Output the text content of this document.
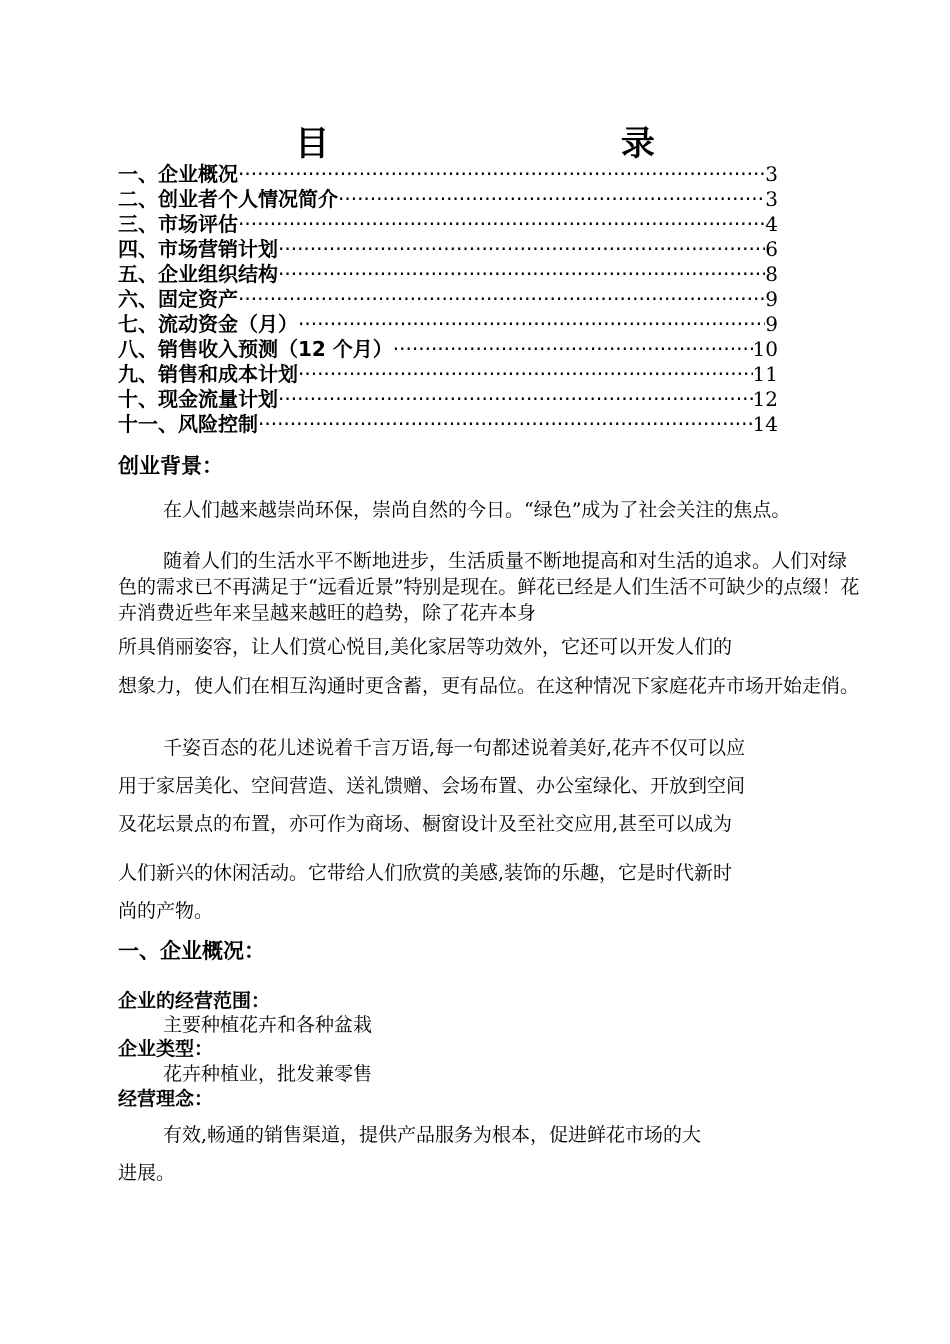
目 录
一、企业概况 ·····	3
二、创业者个人情况简介 ·····	3
三、市场评估 ·····	4
四、市场营销计划 ·····	6
五、企业组织结构 ·····	8
六、固定资产 ·····	9
七、流动资金（月） ·····	9
八、销售收入预测（12 个月） ·····	10
九、销售和成本计划 ·····	11
十、现金流量计划 ·····	12
十一、风险控制 ·····	14
创业背景：
在人们越来越崇尚环保，崇尚自然的今日。“绿色”成为了社会关注的焦点。
随着人们的生活水平不断地进步，生活质量不断地提高和对生活的追求。人们对绿色的需求已不再满足于“远看近景”特别是现在。鲜花已经是人们生活不可缺少的点缀！花卉消费近些年来呈越来越旺的趋势，除了花卉本身
所具俏丽姿容，让人们赏心悦目,美化家居等功效外，它还可以开发人们的
想象力，使人们在相互沟通时更含蓄，更有品位。在这种情况下家庭花卉市场开始走俏。
千姿百态的花儿述说着千言万语,每一句都述说着美好,花卉不仅可以应
用于家居美化、空间营造、送礼馈赠、会场布置、办公室绿化、开放到空间
及花坛景点的布置，亦可作为商场、橱窗设计及至社交应用,甚至可以成为
人们新兴的休闲活动。它带给人们欣赏的美感,装饰的乐趣，它是时代新时
尚的产物。
一、企业概况：
企业的经营范围：
主要种植花卉和各种盆栽
企业类型：
花卉种植业，批发兼零售
经营理念：
有效,畅通的销售渠道，提供产品服务为根本，促进鲜花市场的大
进展。
